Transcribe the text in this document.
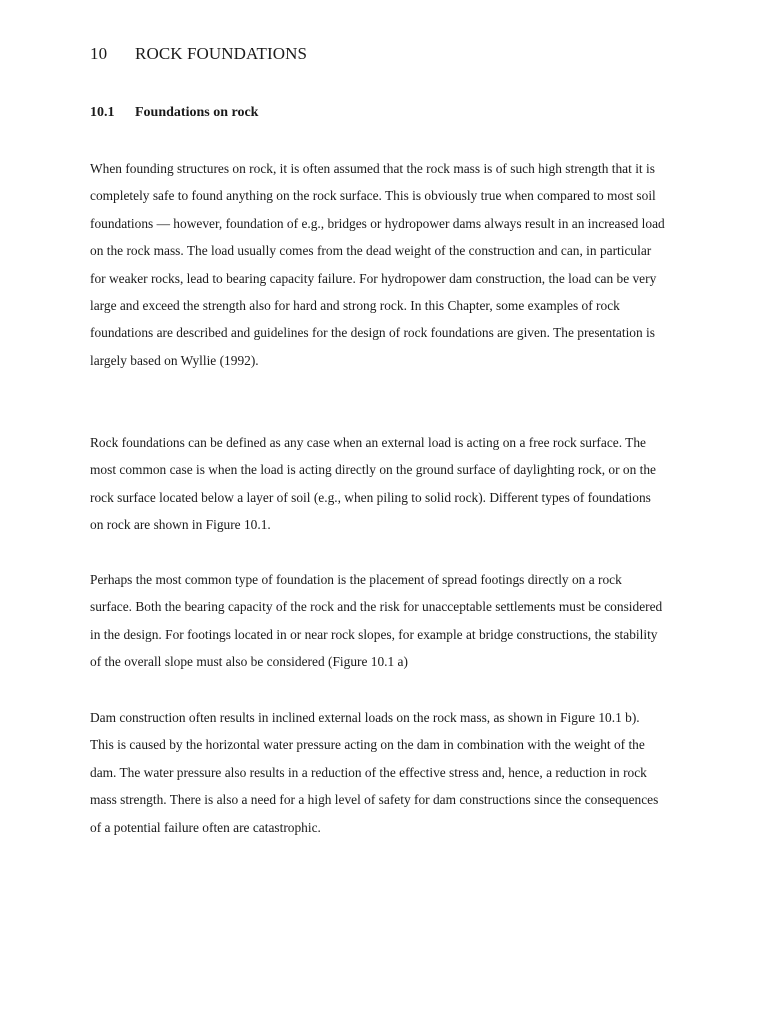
10 ROCK FOUNDATIONS
10.1 Foundations on rock

When founding structures on rock, it is often assumed that the rock mass is of such high strength that it is completely safe to found anything on the rock surface. This is obviously true when compared to most soil foundations — however, foundation of e.g., bridges or hydropower dams always result in an increased load on the rock mass. The load usually comes from the dead weight of the construction and can, in particular for weaker rocks, lead to bearing capacity failure. For hydropower dam construction, the load can be very large and exceed the strength also for hard and strong rock. In this Chapter, some examples of rock foundations are described and guidelines for the design of rock foundations are given. The presentation is largely based on Wyllie (1992).

Rock foundations can be defined as any case when an external load is acting on a free rock surface. The most common case is when the load is acting directly on the ground surface of daylighting rock, or on the rock surface located below a layer of soil (e.g., when piling to solid rock). Different types of foundations on rock are shown in Figure 10.1.

Perhaps the most common type of foundation is the placement of spread footings directly on a rock surface. Both the bearing capacity of the rock and the risk for unacceptable settlements must be considered in the design. For footings located in or near rock slopes, for example at bridge constructions, the stability of the overall slope must also be considered (Figure 10.1 a)

Dam construction often results in inclined external loads on the rock mass, as shown in Figure 10.1 b). This is caused by the horizontal water pressure acting on the dam in combination with the weight of the dam. The water pressure also results in a reduction of the effective stress and, hence, a reduction in rock mass strength. There is also a need for a high level of safety for dam constructions since the consequences of a potential failure often are catastrophic.
